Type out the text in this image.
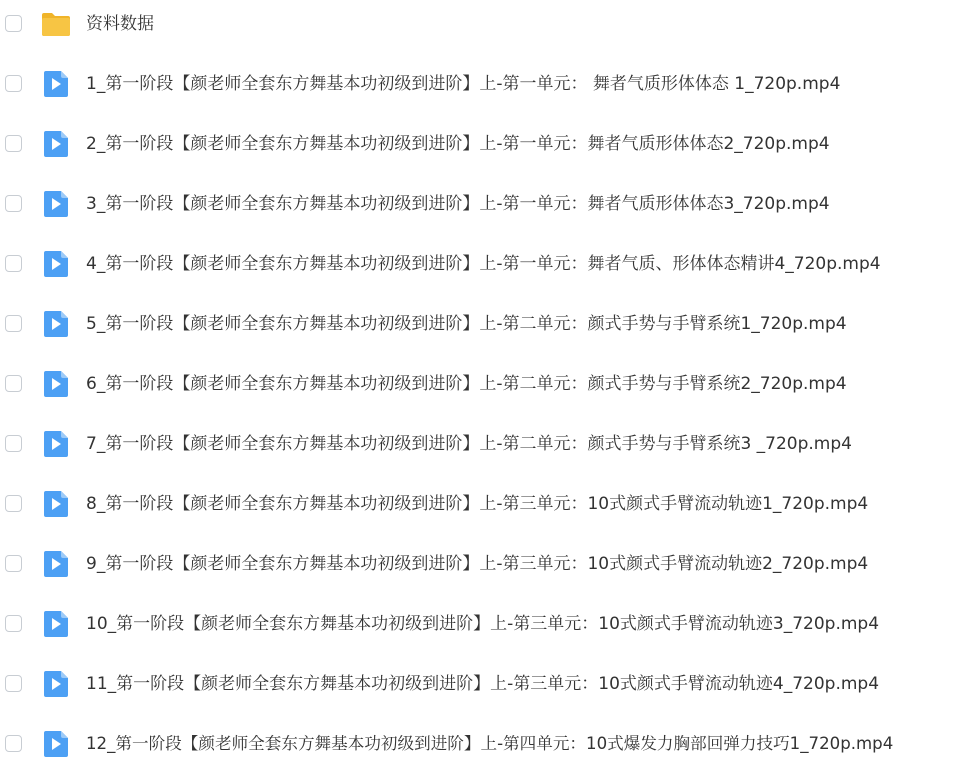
资料数据
1_第一阶段【颜老师全套东方舞基本功初级到进阶】上-第一单元： 舞者气质形体体态 1_720p.mp4
2_第一阶段【颜老师全套东方舞基本功初级到进阶】上-第一单元：舞者气质形体体态2_720p.mp4
3_第一阶段【颜老师全套东方舞基本功初级到进阶】上-第一单元：舞者气质形体体态3_720p.mp4
4_第一阶段【颜老师全套东方舞基本功初级到进阶】上-第一单元：舞者气质、形体体态精讲4_720p.mp4
5_第一阶段【颜老师全套东方舞基本功初级到进阶】上-第二单元：颜式手势与手臂系统1_720p.mp4
6_第一阶段【颜老师全套东方舞基本功初级到进阶】上-第二单元：颜式手势与手臂系统2_720p.mp4
7_第一阶段【颜老师全套东方舞基本功初级到进阶】上-第二单元：颜式手势与手臂系统3 _720p.mp4
8_第一阶段【颜老师全套东方舞基本功初级到进阶】上-第三单元：10式颜式手臂流动轨迹1_720p.mp4
9_第一阶段【颜老师全套东方舞基本功初级到进阶】上-第三单元：10式颜式手臂流动轨迹2_720p.mp4
10_第一阶段【颜老师全套东方舞基本功初级到进阶】上-第三单元：10式颜式手臂流动轨迹3_720p.mp4
11_第一阶段【颜老师全套东方舞基本功初级到进阶】上-第三单元：10式颜式手臂流动轨迹4_720p.mp4
12_第一阶段【颜老师全套东方舞基本功初级到进阶】上-第四单元：10式爆发力胸部回弹力技巧1_720p.mp4
